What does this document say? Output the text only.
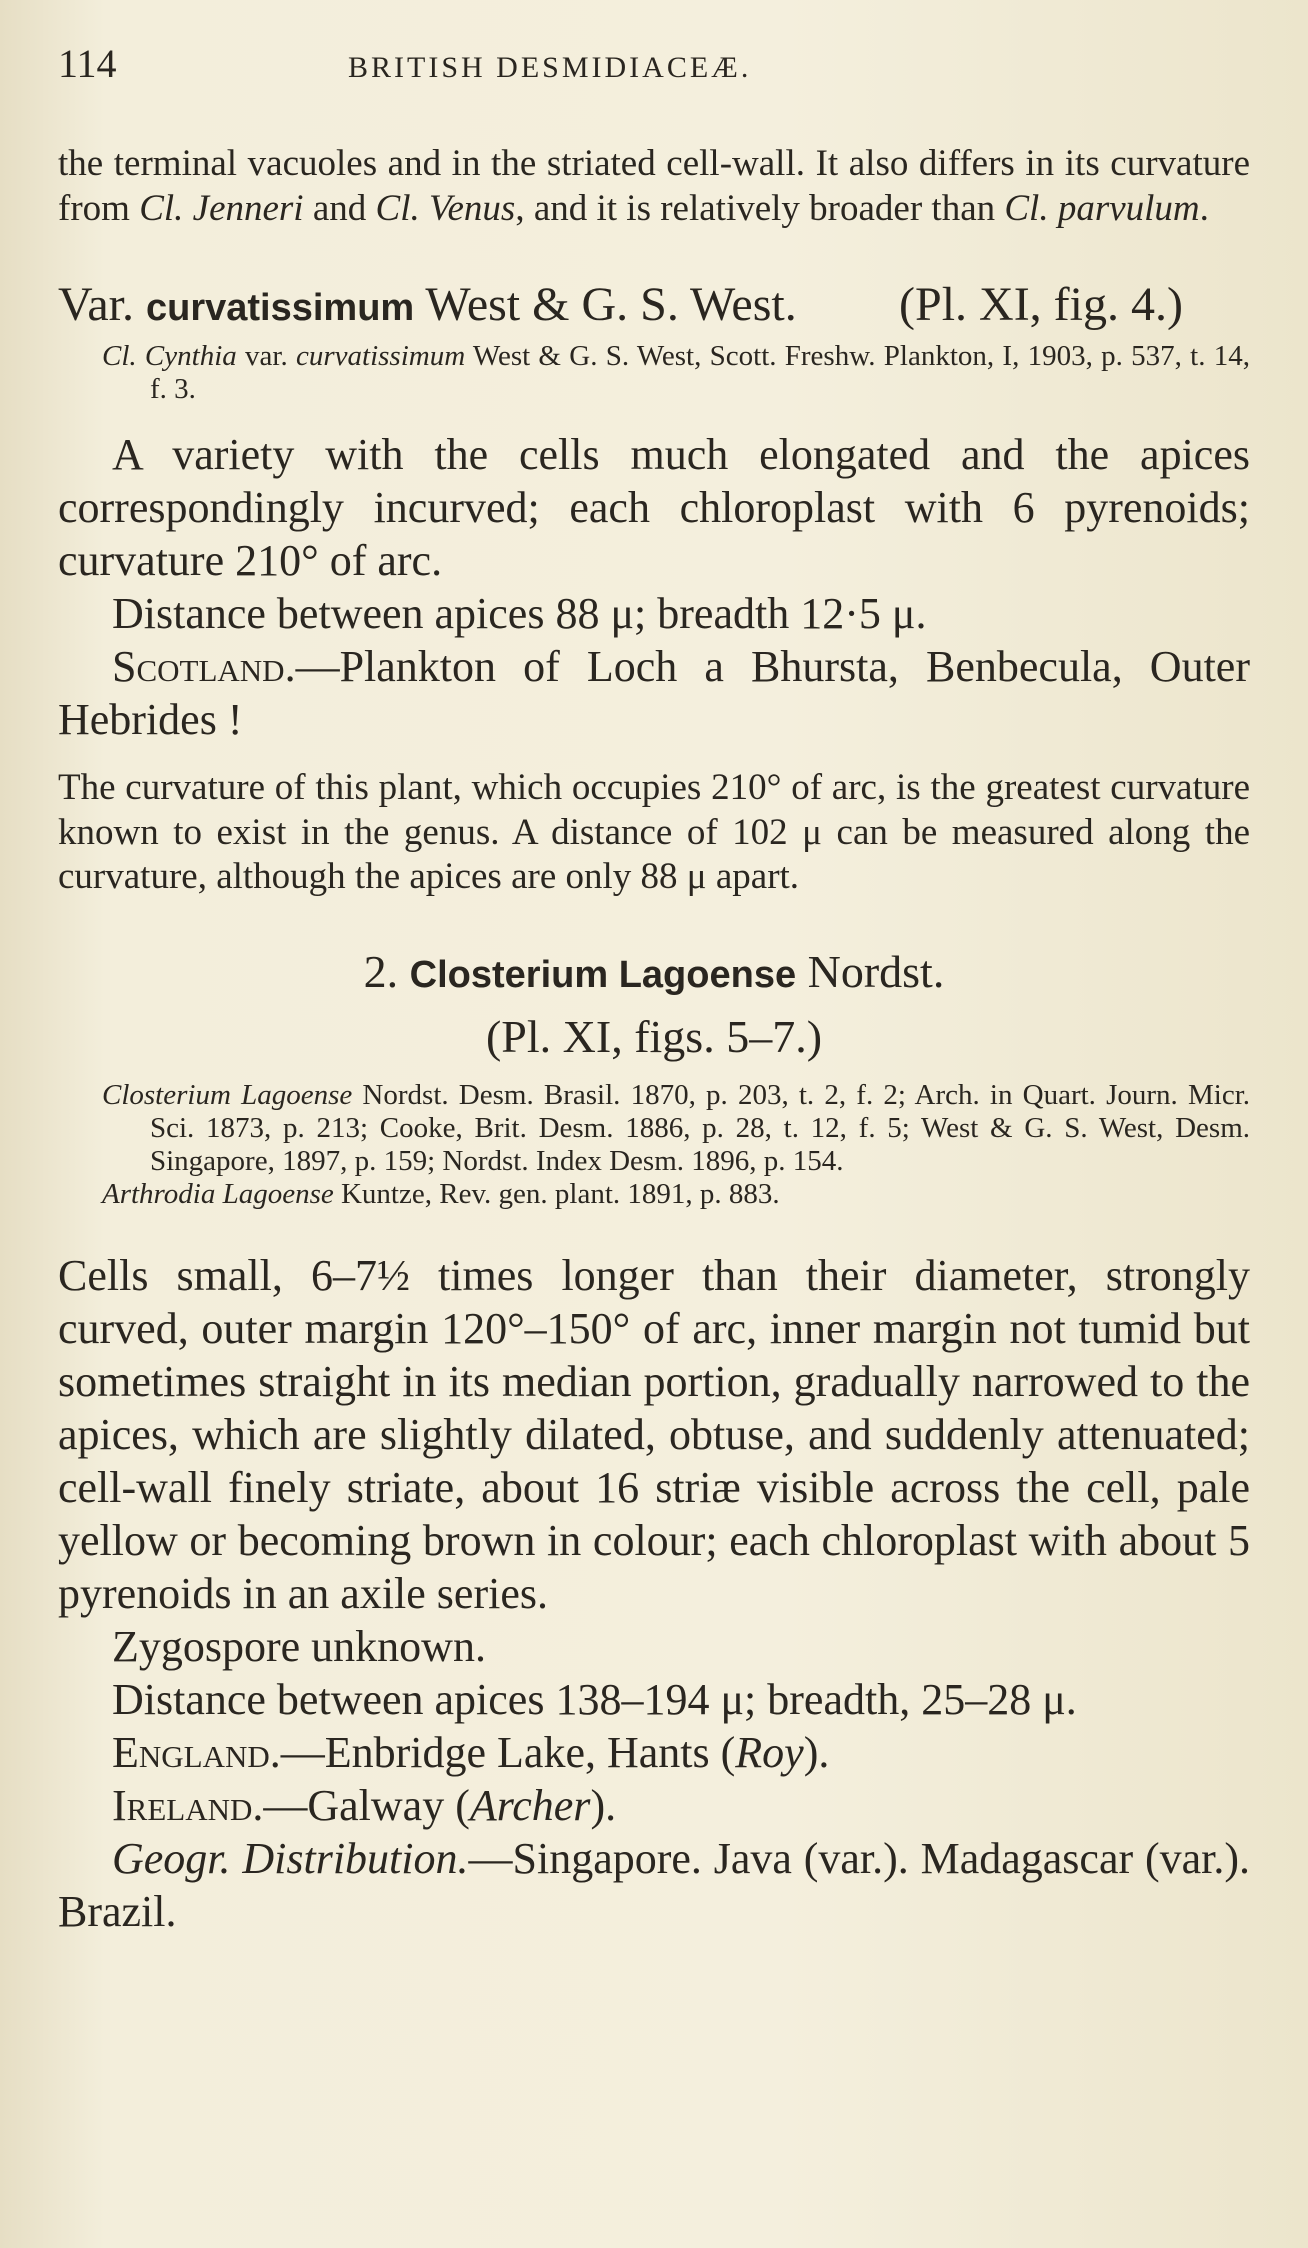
114	BRITISH DESMIDIACEÆ.

the terminal vacuoles and in the striated cell-wall. It also differs in its curvature from Cl. Jenneri and Cl. Venus, and it is relatively broader than Cl. parvulum.

Var. curvatissimum West & G. S. West.	(Pl. XI, fig. 4.)

Cl. Cynthia var. curvatissimum West & G. S. West, Scott. Freshw. Plankton, I, 1903, p. 537, t. 14, f. 3.

A variety with the cells much elongated and the apices correspondingly incurved; each chloroplast with 6 pyrenoids; curvature 210° of arc.

Distance between apices 88 μ; breadth 12·5 μ.

Scotland.—Plankton of Loch a Bhursta, Benbecula, Outer Hebrides !

The curvature of this plant, which occupies 210° of arc, is the greatest curvature known to exist in the genus. A distance of 102 μ can be measured along the curvature, although the apices are only 88 μ apart.

2. Closterium Lagoense Nordst.

(Pl. XI, figs. 5–7.)

Closterium Lagoense Nordst. Desm. Brasil. 1870, p. 203, t. 2, f. 2; Arch. in Quart. Journ. Micr. Sci. 1873, p. 213; Cooke, Brit. Desm. 1886, p. 28, t. 12, f. 5; West & G. S. West, Desm. Singapore, 1897, p. 159; Nordst. Index Desm. 1896, p. 154.

Arthrodia Lagoense Kuntze, Rev. gen. plant. 1891, p. 883.

Cells small, 6–7½ times longer than their diameter, strongly curved, outer margin 120°–150° of arc, inner margin not tumid but sometimes straight in its median portion, gradually narrowed to the apices, which are slightly dilated, obtuse, and suddenly attenuated; cell-wall finely striate, about 16 striæ visible across the cell, pale yellow or becoming brown in colour; each chloroplast with about 5 pyrenoids in an axile series.

Zygospore unknown.

Distance between apices 138–194 μ; breadth, 25–28 μ.

England.—Enbridge Lake, Hants (Roy).

Ireland.—Galway (Archer).

Geogr. Distribution.—Singapore. Java (var.). Madagascar (var.). Brazil.
